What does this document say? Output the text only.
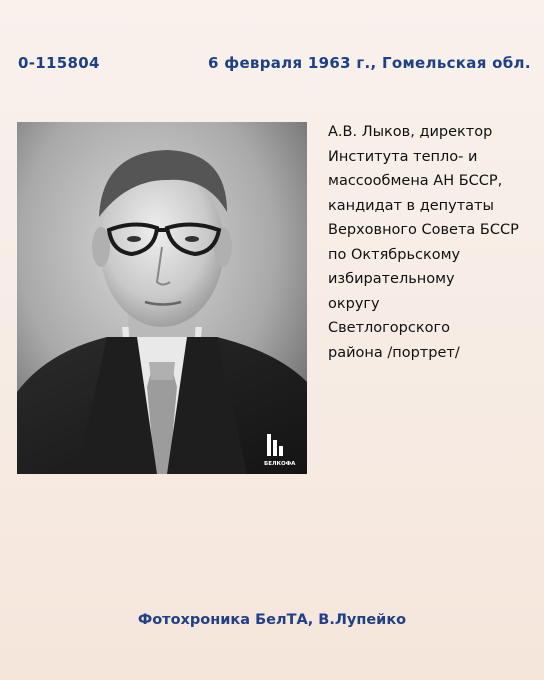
0-115804	6 февраля 1963 г., Гомельская обл.
БЕЛКОФА
А.В. Лыков, директор
Института тепло- и
массообмена АН БССР,
кандидат в депутаты
Верховного Совета БССР
по Октябрьскому
избирательному
округу
Светлогорского
района /портрет/
Фотохроника БелТА, В.Лупейко
